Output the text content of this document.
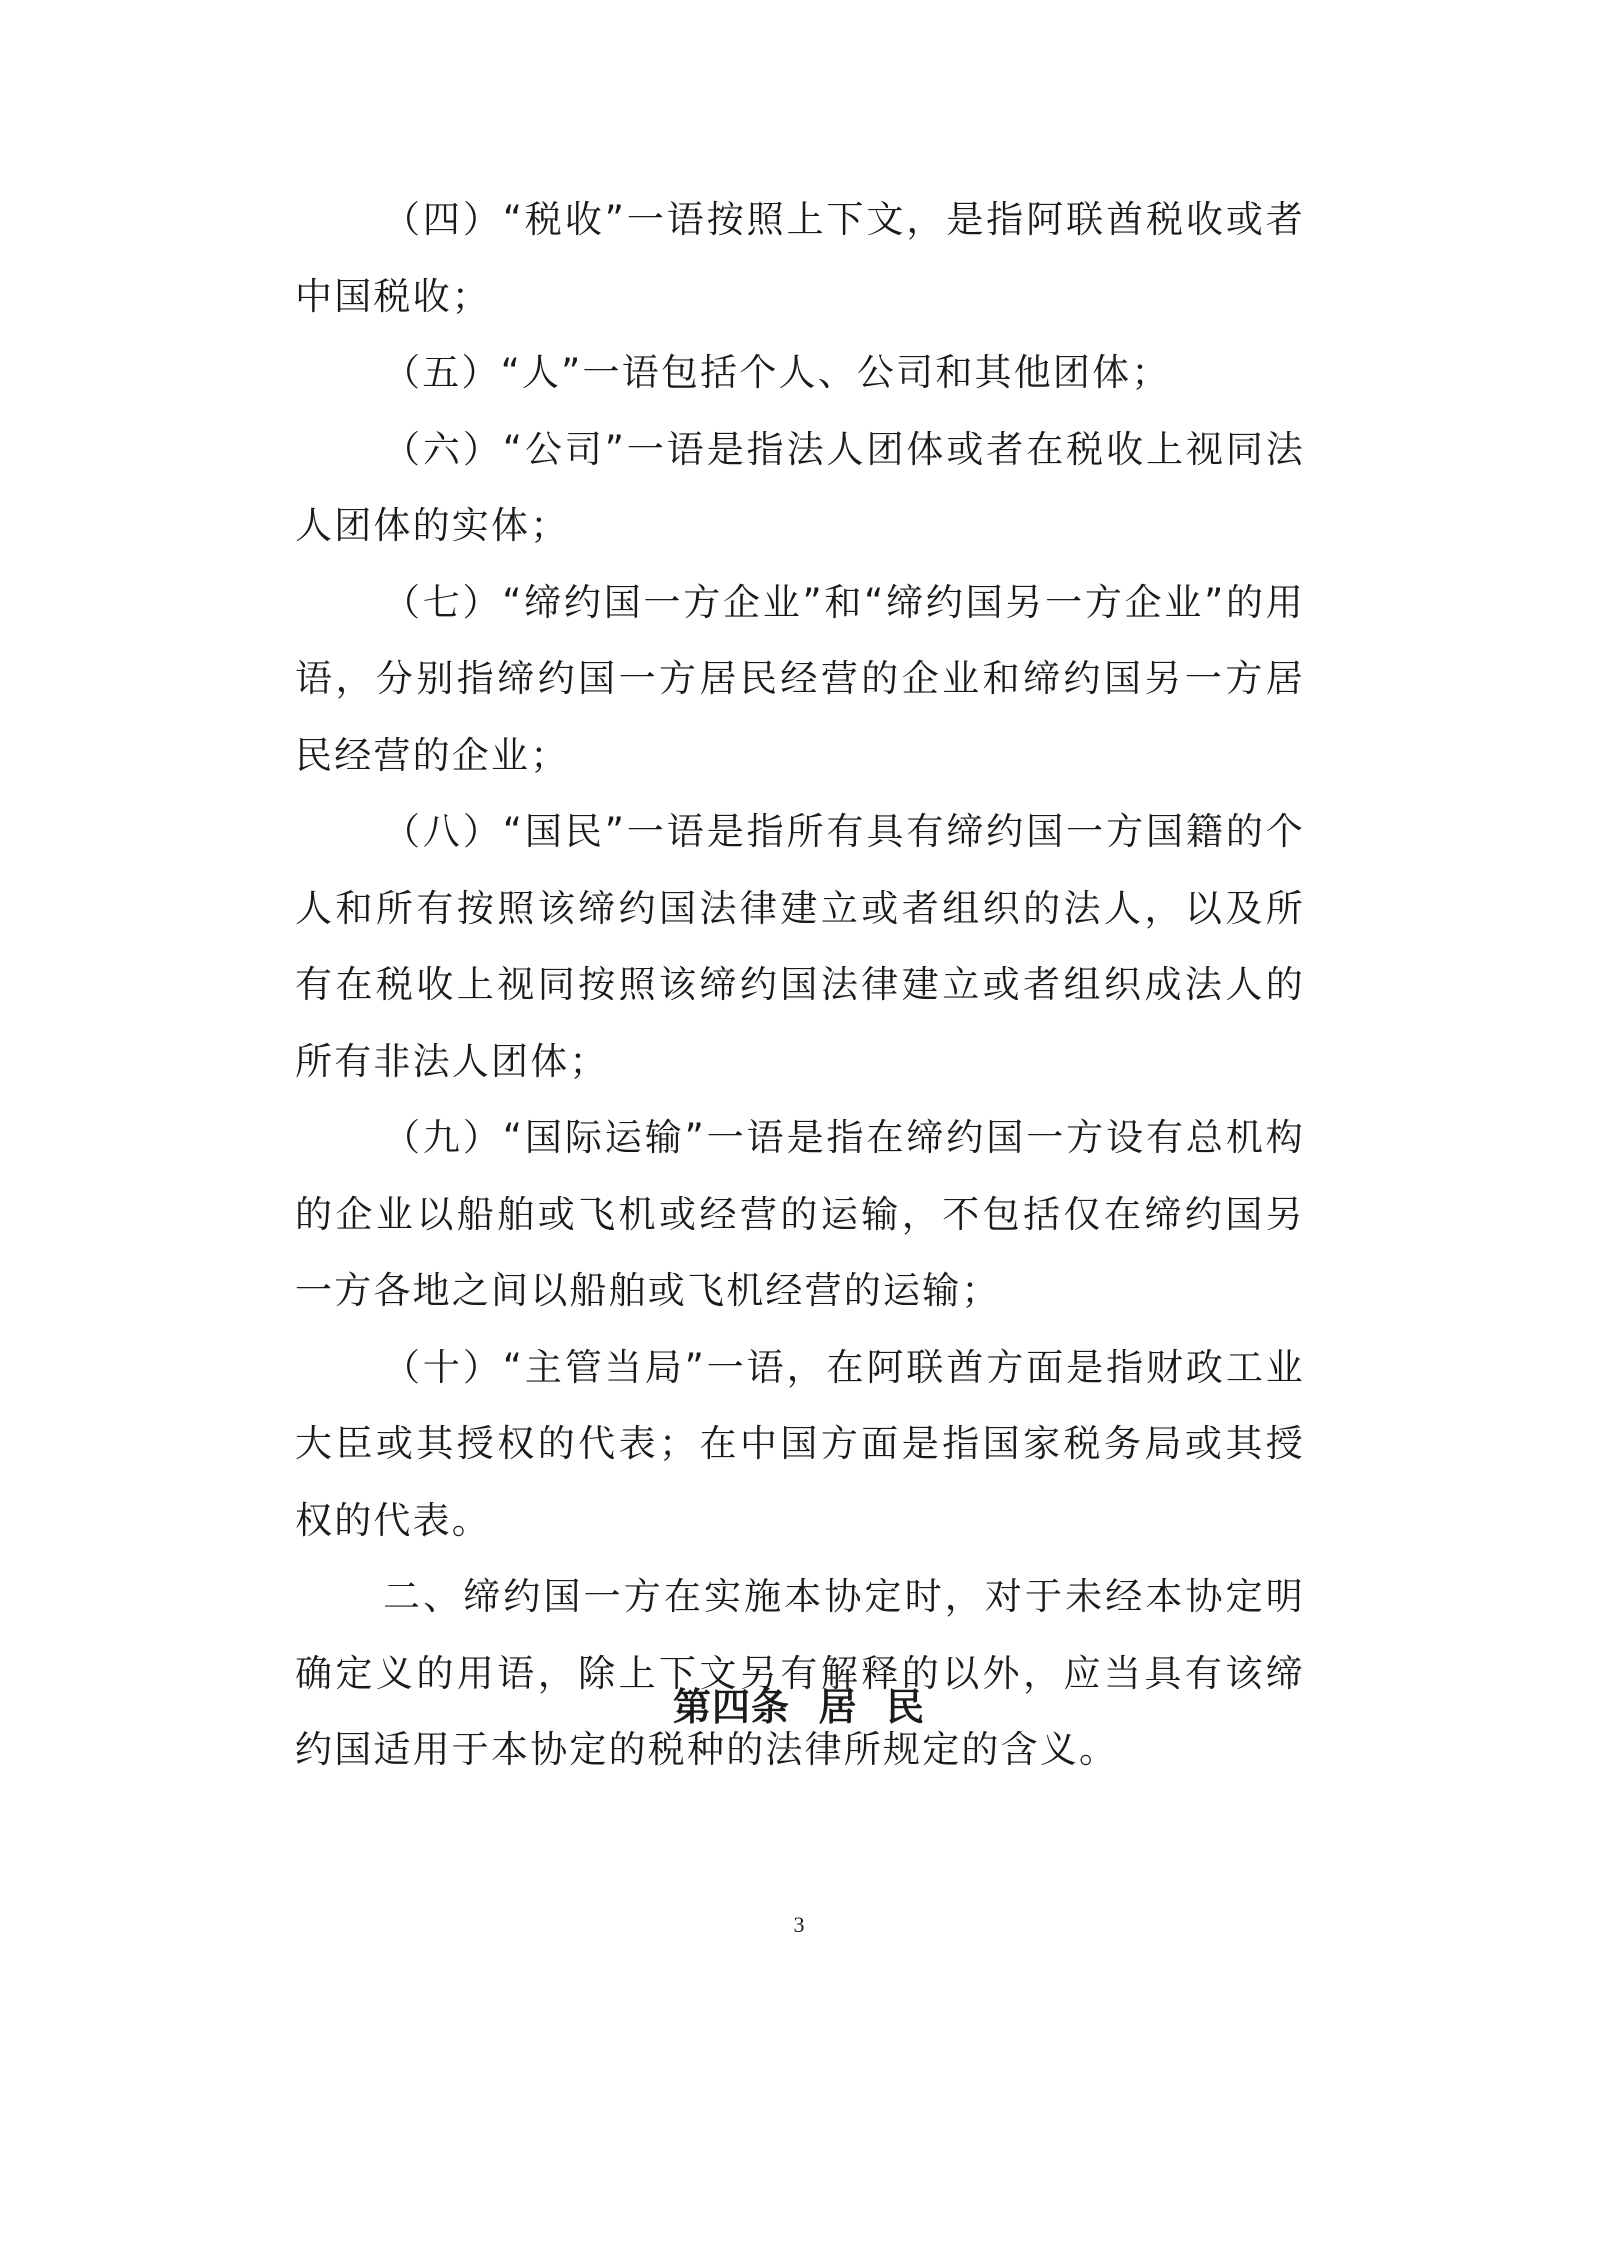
（四）“税收”一语按照上下文，是指阿联酋税收或者中国税收；

（五）“人”一语包括个人、公司和其他团体；

（六）“公司”一语是指法人团体或者在税收上视同法人团体的实体；

（七）“缔约国一方企业”和“缔约国另一方企业”的用语，分别指缔约国一方居民经营的企业和缔约国另一方居民经营的企业；

（八）“国民”一语是指所有具有缔约国一方国籍的个人和所有按照该缔约国法律建立或者组织的法人，以及所有在税收上视同按照该缔约国法律建立或者组织成法人的所有非法人团体；

（九）“国际运输”一语是指在缔约国一方设有总机构的企业以船舶或飞机或经营的运输，不包括仅在缔约国另一方各地之间以船舶或飞机经营的运输；

（十）“主管当局”一语，在阿联酋方面是指财政工业大臣或其授权的代表；在中国方面是指国家税务局或其授权的代表。

二、缔约国一方在实施本协定时，对于未经本协定明确定义的用语，除上下文另有解释的以外，应当具有该缔约国适用于本协定的税种的法律所规定的含义。

第四条  居  民
3
